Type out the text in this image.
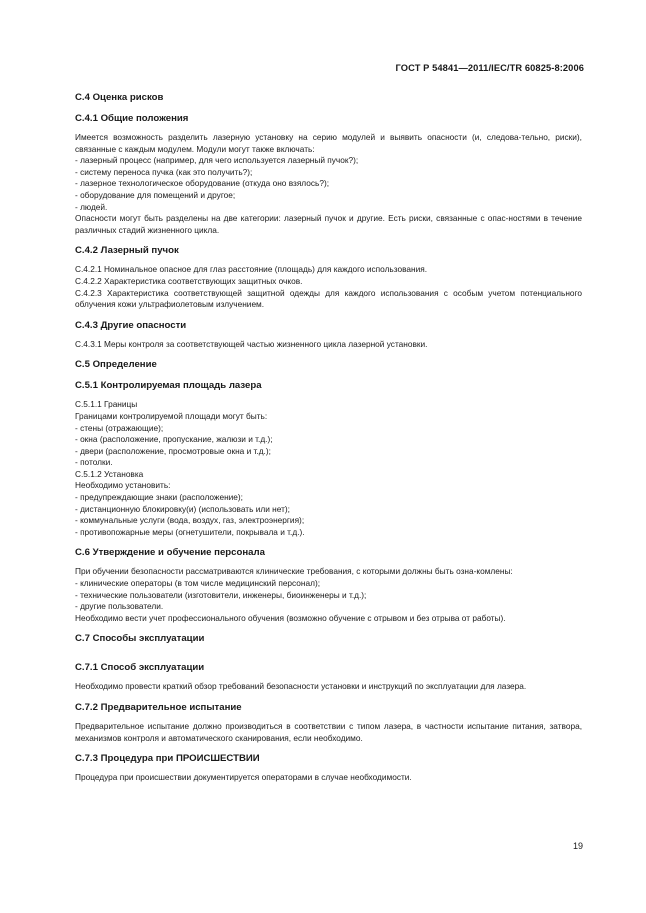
ГОСТ Р 54841—2011/IEC/TR 60825-8:2006
C.4 Оценка рисков
C.4.1 Общие положения
Имеется возможность разделить лазерную установку на серию модулей и выявить опасности (и, следова-тельно, риски), связанные с каждым модулем. Модули могут также включать:
- лазерный процесс (например, для чего используется лазерный пучок?);
- систему переноса пучка (как это получить?);
- лазерное технологическое оборудование (откуда оно взялось?);
- оборудование для помещений и другое;
- людей.
Опасности могут быть разделены на две категории: лазерный пучок и другие. Есть риски, связанные с опас-ностями в течение различных стадий жизненного цикла.
C.4.2 Лазерный пучок
C.4.2.1 Номинальное опасное для глаз расстояние (площадь) для каждого использования.
C.4.2.2 Характеристика соответствующих защитных очков.
C.4.2.3 Характеристика соответствующей защитной одежды для каждого использования с особым учетом потенциального облучения кожи ультрафиолетовым излучением.
C.4.3 Другие опасности
C.4.3.1 Меры контроля за соответствующей частью жизненного цикла лазерной установки.
C.5 Определение
C.5.1 Контролируемая площадь лазера
C.5.1.1 Границы
Границами контролируемой площади могут быть:
- стены (отражающие);
- окна (расположение, пропускание, жалюзи и т.д.);
- двери (расположение, просмотровые окна и т.д.);
- потолки.
C.5.1.2 Установка
Необходимо установить:
- предупреждающие знаки (расположение);
- дистанционную блокировку(и) (использовать или нет);
- коммунальные услуги (вода, воздух, газ, электроэнергия);
- противопожарные меры (огнетушители, покрывала и т.д.).
C.6 Утверждение и обучение персонала
При обучении безопасности рассматриваются клинические требования, с которыми должны быть озна-комлены:
- клинические операторы (в том числе медицинский персонал);
- технические пользователи (изготовители, инженеры, биоинженеры и т.д.);
- другие пользователи.
Необходимо вести учет профессионального обучения (возможно обучение с отрывом и без отрыва от работы).
C.7 Способы эксплуатации
C.7.1 Способ эксплуатации
Необходимо провести краткий обзор требований безопасности установки и инструкций по эксплуатации для лазера.
C.7.2 Предварительное испытание
Предварительное испытание должно производиться в соответствии с типом лазера, в частности испытание питания, затвора, механизмов контроля и автоматического сканирования, если необходимо.
C.7.3 Процедура при ПРОИСШЕСТВИИ
Процедура при происшествии документируется операторами в случае необходимости.
19
